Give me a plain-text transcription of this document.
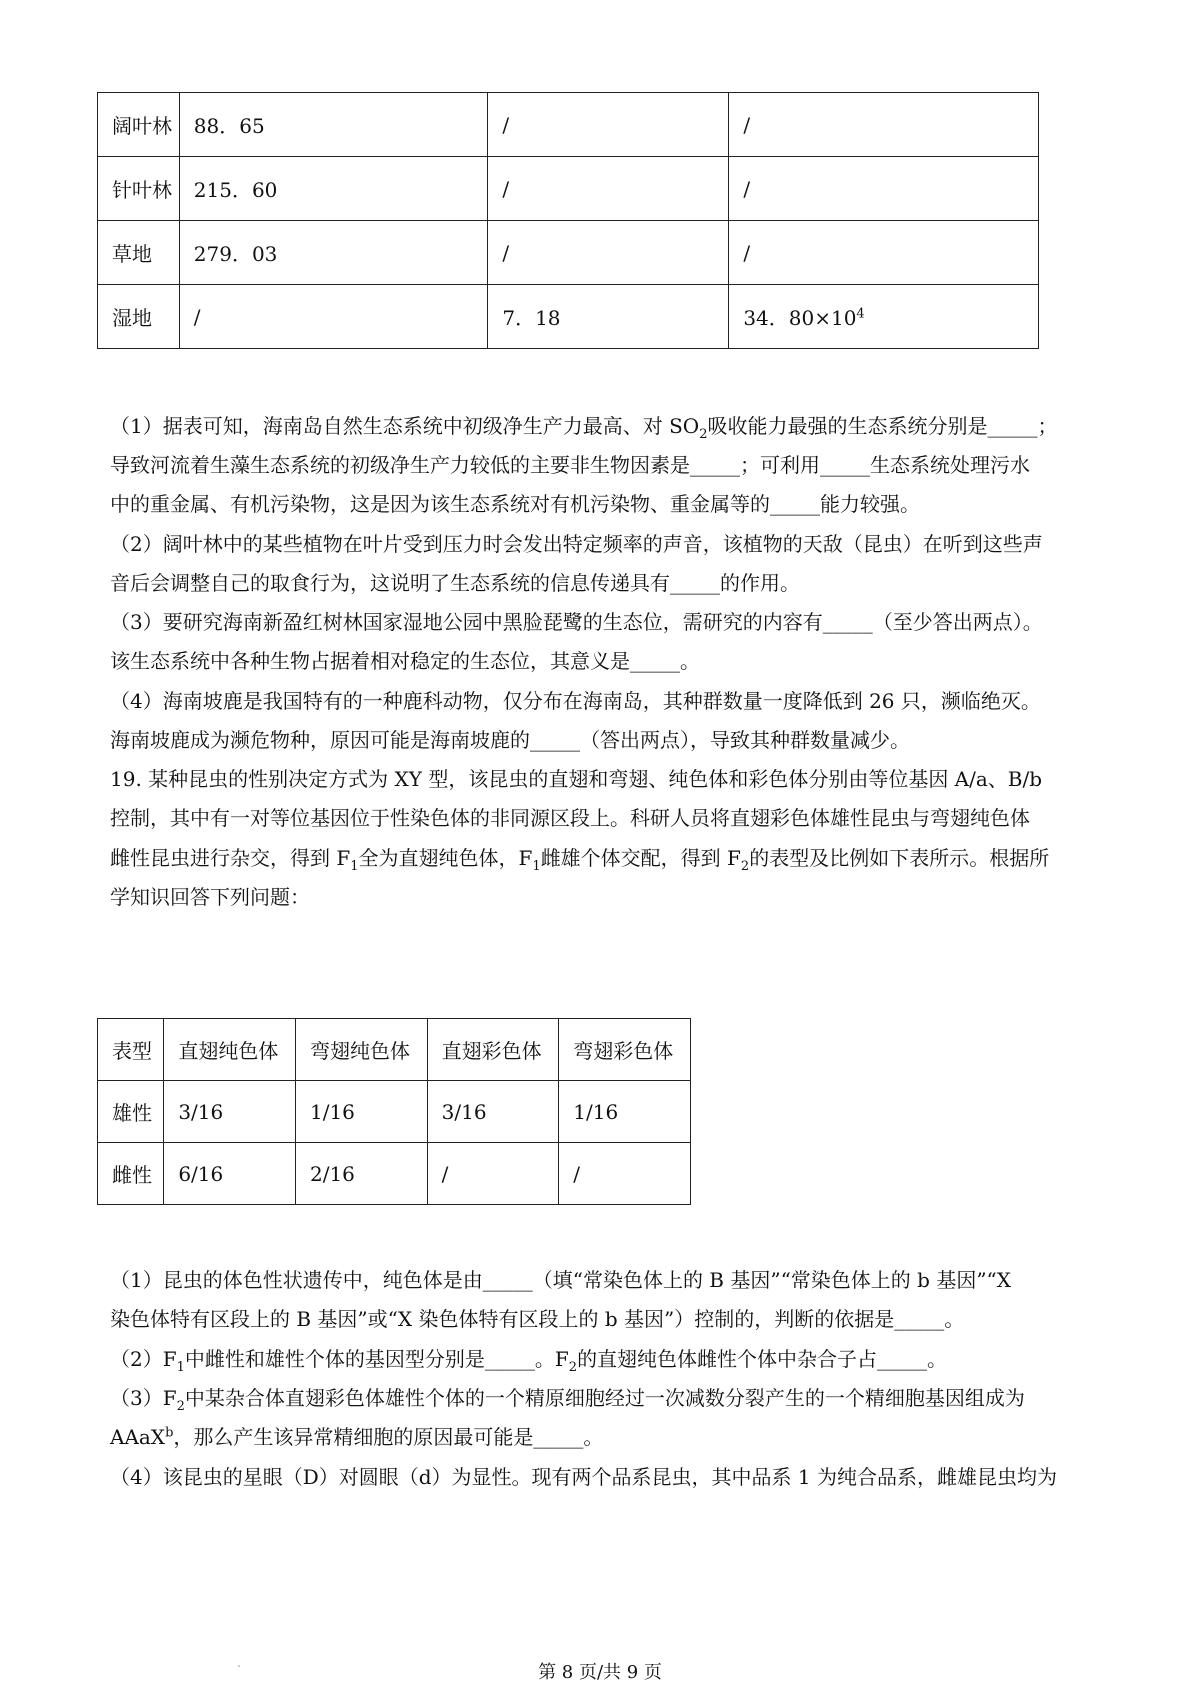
阔叶林	88．65	/	/
针叶林	215．60	/	/
草地	279．03	/	/
湿地	/	7．18	34．$80\times 10^4$
（1）据表可知，海南岛自然生态系统中初级净生产力最高、对 $SO_2$吸收能力最强的生态系统分别是_____；
导致河流着生藻生态系统的初级净生产力较低的主要非生物因素是_____；可利用_____生态系统处理污水
中的重金属、有机污染物，这是因为该生态系统对有机污染物、重金属等的_____能力较强。
（2）阔叶林中的某些植物在叶片受到压力时会发出特定频率的声音，该植物的天敌（昆虫）在听到这些声
音后会调整自己的取食行为，这说明了生态系统的信息传递具有_____的作用。
（3）要研究海南新盈红树林国家湿地公园中黑脸琵鹭的生态位，需研究的内容有_____（至少答出两点）。
该生态系统中各种生物占据着相对稳定的生态位，其意义是_____。
（4）海南坡鹿是我国特有的一种鹿科动物，仅分布在海南岛，其种群数量一度降低到 26 只，濒临绝灭。
海南坡鹿成为濒危物种，原因可能是海南坡鹿的_____（答出两点），导致其种群数量减少。
19. 某种昆虫的性别决定方式为 XY 型，该昆虫的直翅和弯翅、纯色体和彩色体分别由等位基因 A/a、B/b
控制，其中有一对等位基因位于性染色体的非同源区段上。科研人员将直翅彩色体雄性昆虫与弯翅纯色体
雌性昆虫进行杂交，得到 $F_1$全为直翅纯色体，$F_1$雌雄个体交配，得到 $F_2$的表型及比例如下表所示。根据所
学知识回答下列问题：
表型	直翅纯色体	弯翅纯色体	直翅彩色体	弯翅彩色体
雄性	3/16	1/16	3/16	1/16
雌性	6/16	2/16	/	/
（1）昆虫的体色性状遗传中，纯色体是由_____（填“常染色体上的 B 基因”“常染色体上的 b 基因”“X
染色体特有区段上的 B 基因”或“X 染色体特有区段上的 b 基因”）控制的，判断的依据是_____。
$(2)F_1$中雌性和雄性个体的基因型分别是_____。$F_2$的直翅纯色体雌性个体中杂合子占_____。
$(3)F_2$中某杂合体直翅彩色体雄性个体的一个精原细胞经过一次减数分裂产生的一个精细胞基因组成为
AAaX$^b$，那么产生该异常精细胞的原因最可能是_____。
（4）该昆虫的星眼（D）对圆眼（d）为显性。现有两个品系昆虫，其中品系 1 为纯合品系，雌雄昆虫均为
第 8 页/共 9 页
